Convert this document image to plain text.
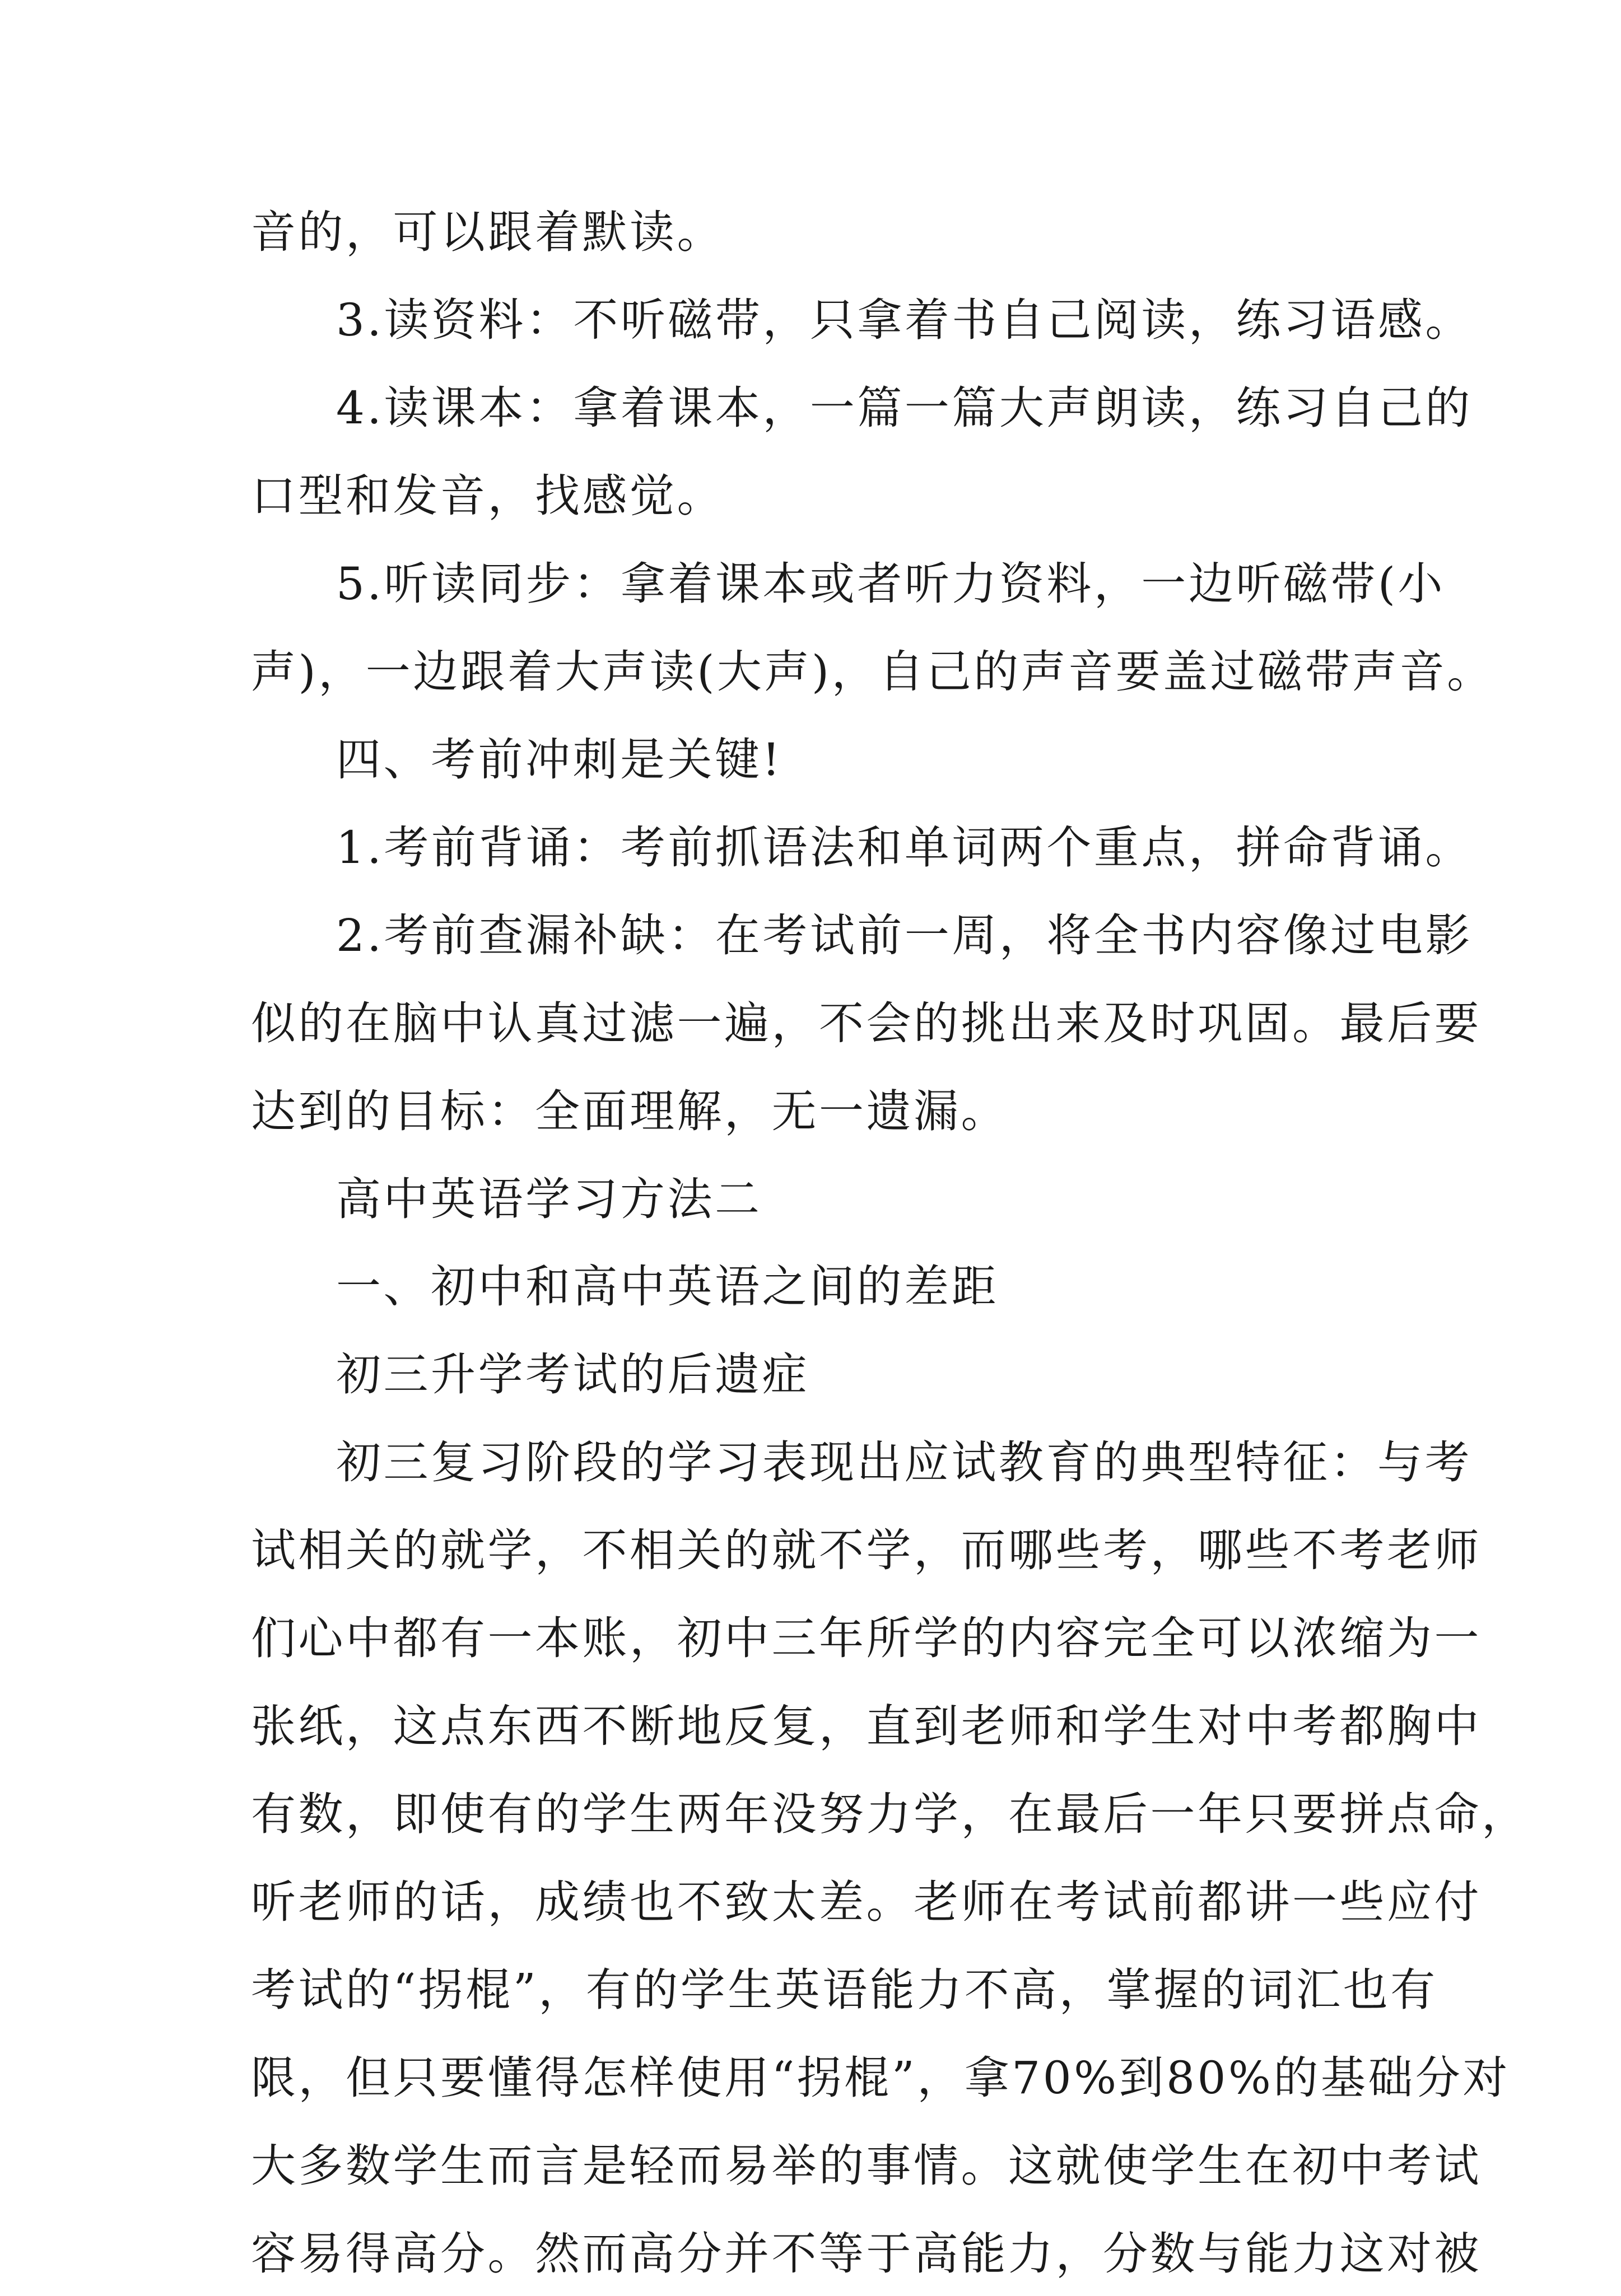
音的，可以跟着默读。
3.读资料：不听磁带，只拿着书自己阅读，练习语感。
4.读课本：拿着课本，一篇一篇大声朗读，练习自己的
口型和发音，找感觉。
5.听读同步：拿着课本或者听力资料，一边听磁带(小
声)，一边跟着大声读(大声)，自己的声音要盖过磁带声音。
四、考前冲刺是关键!
1.考前背诵：考前抓语法和单词两个重点，拼命背诵。
2.考前查漏补缺：在考试前一周，将全书内容像过电影
似的在脑中认真过滤一遍，不会的挑出来及时巩固。最后要
达到的目标：全面理解，无一遗漏。
高中英语学习方法二
一、初中和高中英语之间的差距
初三升学考试的后遗症
初三复习阶段的学习表现出应试教育的典型特征：与考
试相关的就学，不相关的就不学，而哪些考，哪些不考老师
们心中都有一本账，初中三年所学的内容完全可以浓缩为一
张纸，这点东西不断地反复，直到老师和学生对中考都胸中
有数，即使有的学生两年没努力学，在最后一年只要拼点命，
听老师的话，成绩也不致太差。老师在考试前都讲一些应付
考试的“拐棍”，有的学生英语能力不高，掌握的词汇也有
限，但只要懂得怎样使用“拐棍”，拿70%到80%的基础分对
大多数学生而言是轻而易举的事情。这就使学生在初中考试
容易得高分。然而高分并不等于高能力，分数与能力这对被
